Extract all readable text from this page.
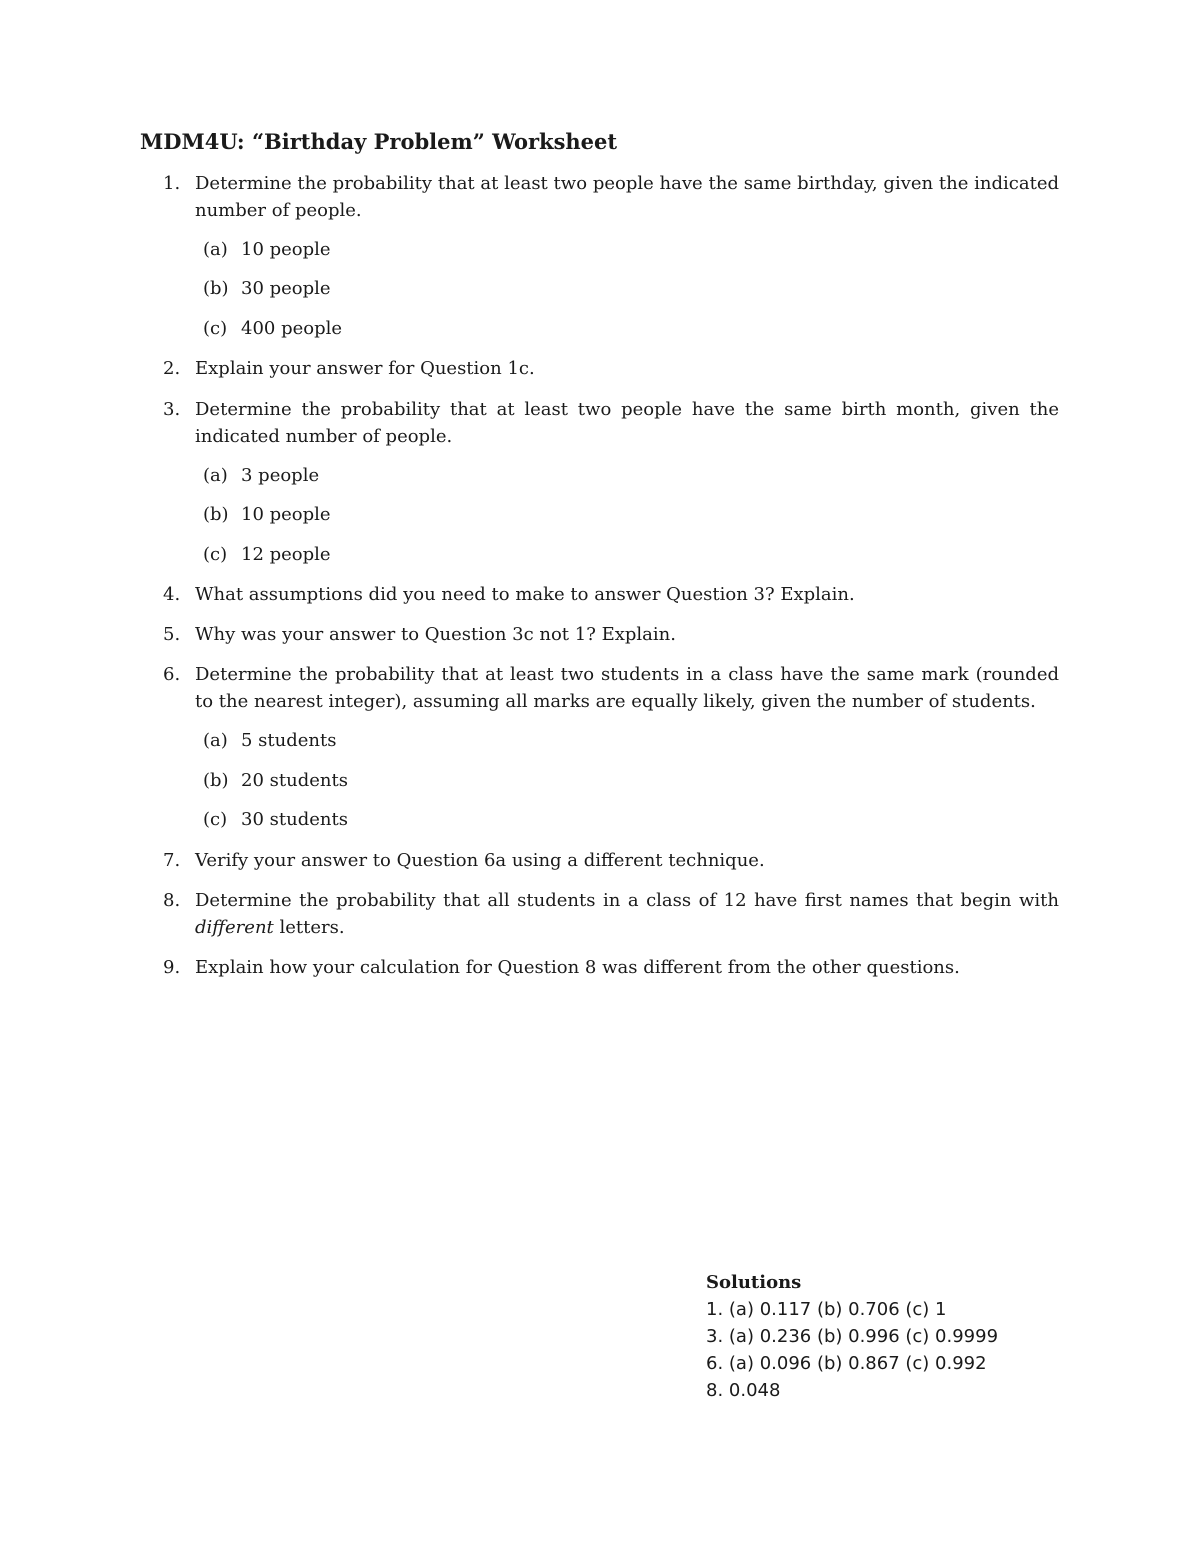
MDM4U: “Birthday Problem” Worksheet
1. Determine the probability that at least two people have the same birthday, given the indicated number of people.
(a) 10 people
(b) 30 people
(c) 400 people
2. Explain your answer for Question 1c.
3. Determine the probability that at least two people have the same birth month, given the indicated number of people.
(a) 3 people
(b) 10 people
(c) 12 people
4. What assumptions did you need to make to answer Question 3? Explain.
5. Why was your answer to Question 3c not 1? Explain.
6. Determine the probability that at least two students in a class have the same mark (rounded to the nearest integer), assuming all marks are equally likely, given the number of students.
(a) 5 students
(b) 20 students
(c) 30 students
7. Verify your answer to Question 6a using a different technique.
8. Determine the probability that all students in a class of 12 have first names that begin with different letters.
9. Explain how your calculation for Question 8 was different from the other questions.
Solutions
1. (a) 0.117 (b) 0.706 (c) 1
3. (a) 0.236 (b) 0.996 (c) 0.9999
6. (a) 0.096 (b) 0.867 (c) 0.992
8. 0.048
